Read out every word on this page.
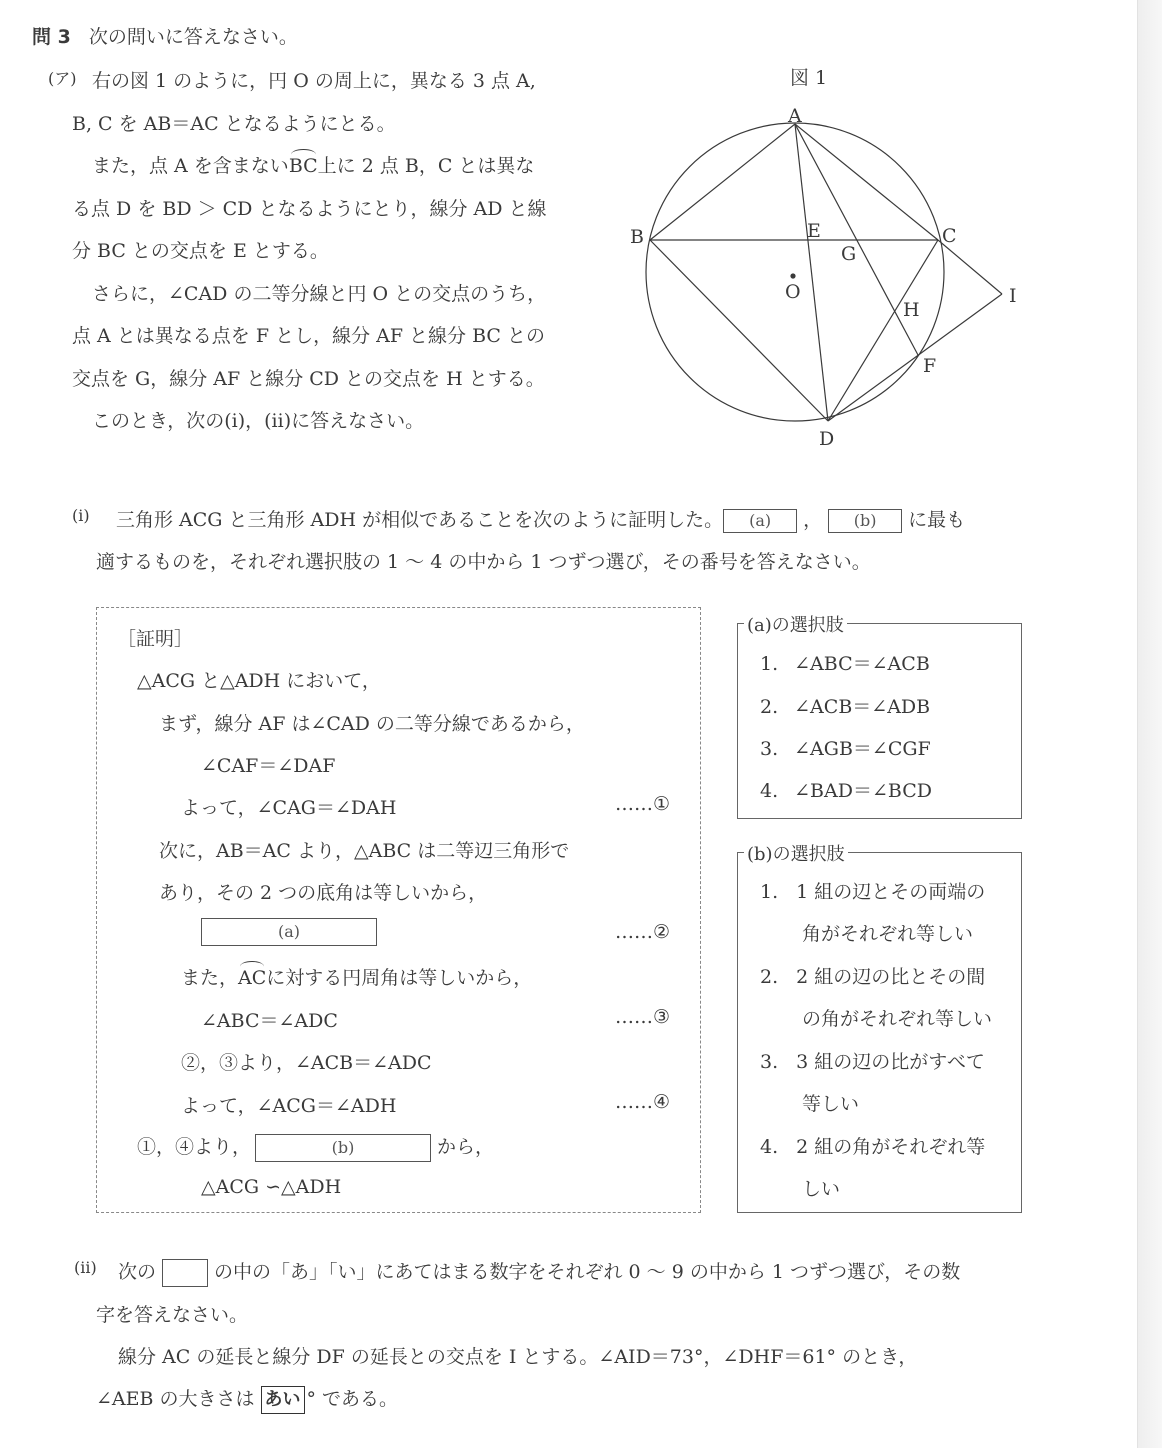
問 3 次の問いに答えなさい。
(ア) 右の図 1 のように，円 O の周上に，異なる 3 点 A,
B, C を AB＝AC となるようにとる。
また，点 A を含まないBC上に 2 点 B，C とは異な
る点 D を BD ＞ CD となるようにとり，線分 AD と線
分 BC との交点を E とする。
さらに，∠CAD の二等分線と円 O との交点のうち，
点 A とは異なる点を F とし，線分 AF と線分 BC との
交点を G，線分 AF と線分 CD との交点を H とする。
このとき，次の(ⅰ)，(ⅱ)に答えなさい。
図 1
A
B	C
D
E
F
G
H
I
O
(ⅰ) 三角形 ACG と三角形 ADH が相似であることを次のように証明した。 (a) ， (b) に最も
適するものを，それぞれ選択肢の 1 ～ 4 の中から 1 つずつ選び，その番号を答えなさい。
［証明］
△ACG と△ADH において，
まず，線分 AF は∠CAD の二等分線であるから，
∠CAF＝∠DAF
よって，∠CAG＝∠DAH	……①
次に，AB＝AC より，△ABC は二等辺三角形で
あり，その 2 つの底角は等しいから，
(a)	……②
また，ACに対する円周角は等しいから，
∠ABC＝∠ADC	……③
②，③より，∠ACB＝∠ADC
よって，∠ACG＝∠ADH	……④
①，④より，	(b)	から，
△ACG ∽△ADH
(a)の選択肢
1. ∠ABC＝∠ACB
2. ∠ACB＝∠ADB
3. ∠AGB＝∠CGF
4. ∠BAD＝∠BCD
(b)の選択肢
1. 1 組の辺とその両端の
角がそれぞれ等しい
2. 2 組の辺の比とその間
の角がそれぞれ等しい
3. 3 組の辺の比がすべて
等しい
4. 2 組の角がそれぞれ等
しい
(ⅱ) 次の	の中の「あ」「い」にあてはまる数字をそれぞれ 0 ～ 9 の中から 1 つずつ選び，その数
字を答えなさい。
線分 AC の延長と線分 DF の延長との交点を I とする。∠AID＝73°，∠DHF＝61° のとき，
∠AEB の大きさは あい ° である。
